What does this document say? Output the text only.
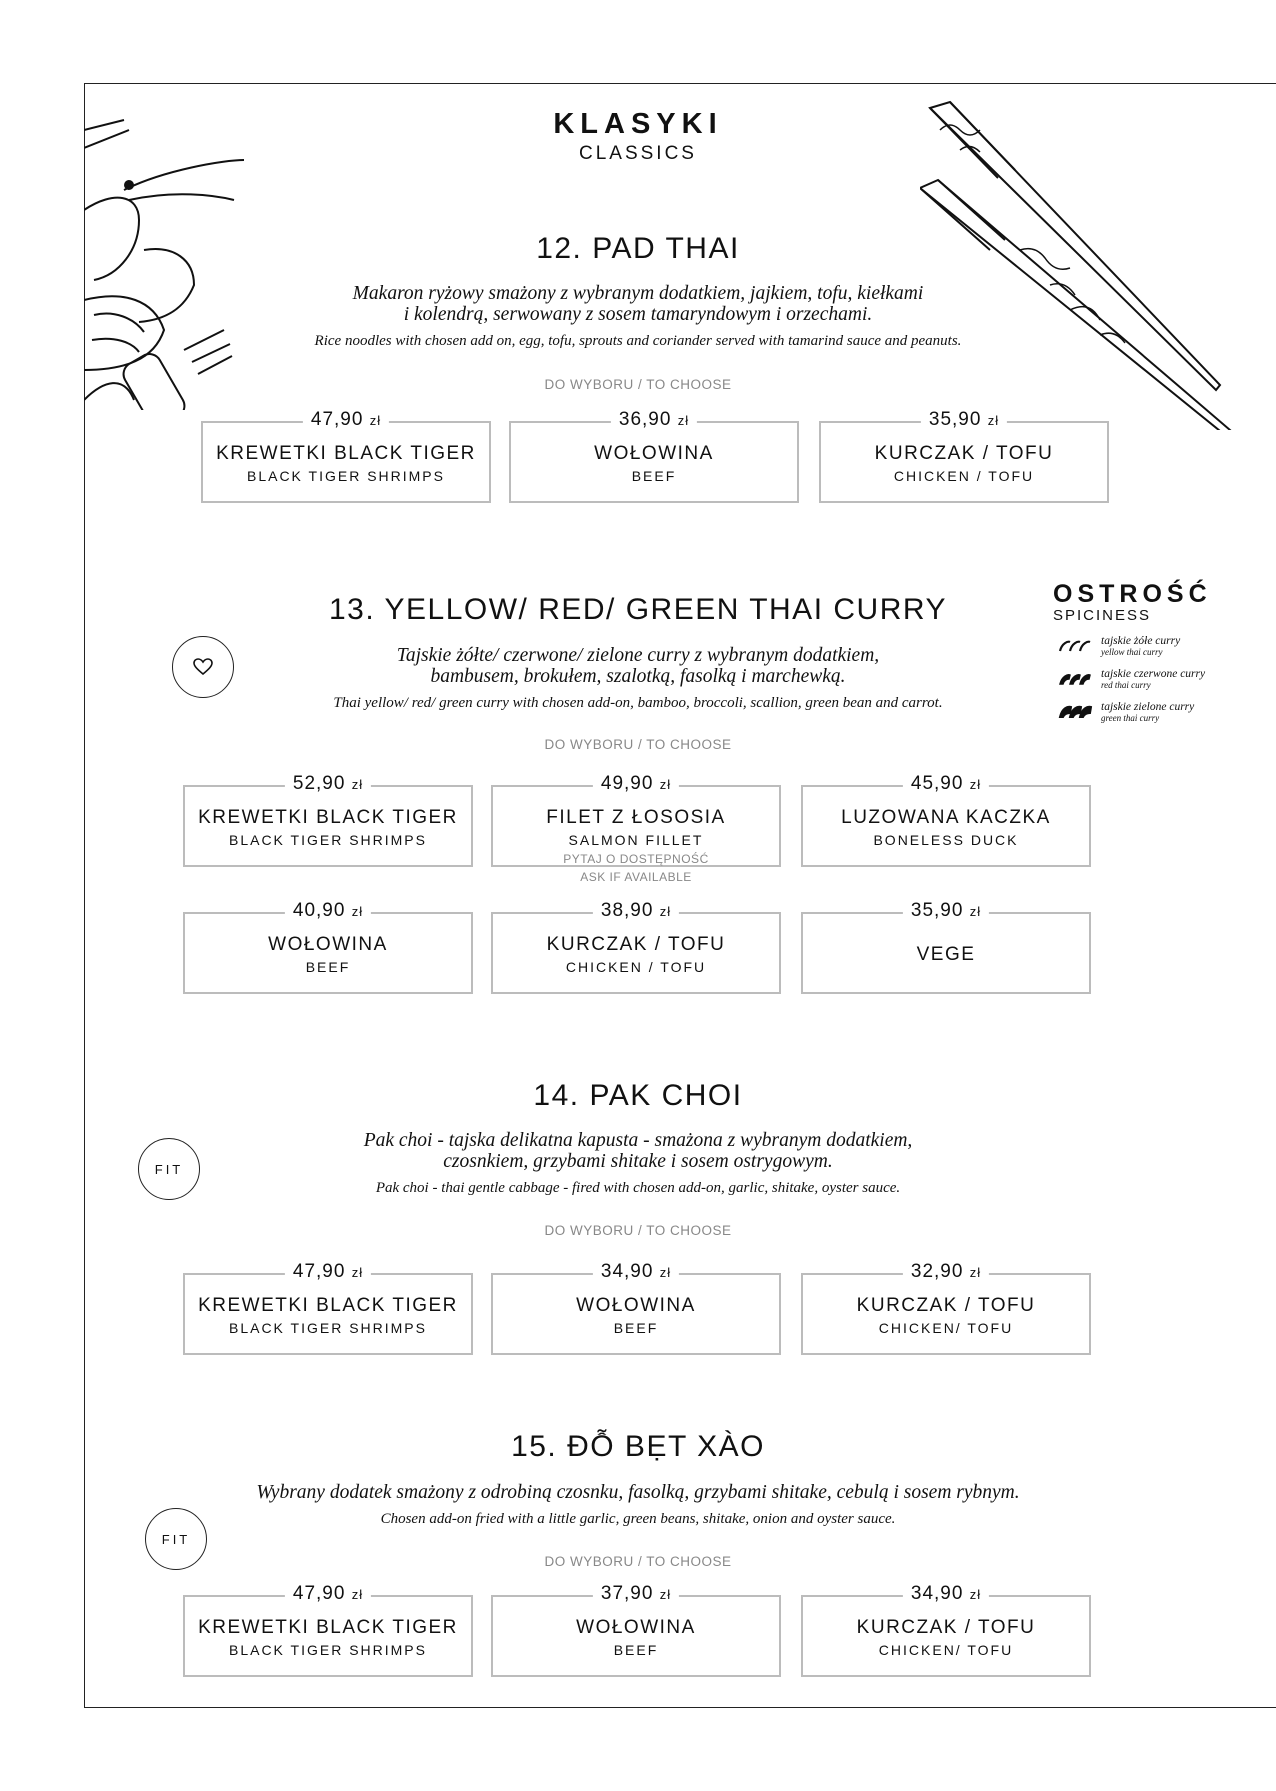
KLASYKI
CLASSICS
OSTROŚĆ
SPICINESS
tajskie żółe curry
yellow thai curry
tajskie czerwone curry
red thai curry
tajskie zielone curry
green thai curry
12. PAD THAI
Makaron ryżowy smażony z wybranym dodatkiem, jajkiem, tofu, kiełkami
i kolendrą, serwowany z sosem tamaryndowym i orzechami.
Rice noodles with chosen add on, egg, tofu, sprouts and coriander served with tamarind sauce and peanuts.
DO WYBORU / TO CHOOSE
47,90 zł
KREWETKI BLACK TIGER
BLACK TIGER SHRIMPS
36,90 zł
WOŁOWINA
BEEF
35,90 zł
KURCZAK / TOFU
CHICKEN / TOFU
13. YELLOW/ RED/ GREEN THAI CURRY
Tajskie żółte/ czerwone/ zielone curry z wybranym dodatkiem,
bambusem, brokułem, szalotką, fasolką i marchewką.
Thai yellow/ red/ green curry with chosen add-on, bamboo, broccoli, scallion, green bean and carrot.
DO WYBORU / TO CHOOSE
52,90 zł
KREWETKI BLACK TIGER
BLACK TIGER SHRIMPS
49,90 zł
FILET Z ŁOSOSIA
SALMON FILLET
PYTAJ O DOSTĘPNOŚĆ
ASK IF AVAILABLE
45,90 zł
LUZOWANA KACZKA
BONELESS DUCK
40,90 zł
WOŁOWINA
BEEF
38,90 zł
KURCZAK / TOFU
CHICKEN / TOFU
35,90 zł
VEGE
FIT
14. PAK CHOI
Pak choi - tajska delikatna kapusta - smażona z wybranym dodatkiem,
czosnkiem, grzybami shitake i sosem ostrygowym.
Pak choi - thai gentle cabbage - fired with chosen add-on, garlic, shitake, oyster sauce.
DO WYBORU / TO CHOOSE
47,90 zł
KREWETKI BLACK TIGER
BLACK TIGER SHRIMPS
34,90 zł
WOŁOWINA
BEEF
32,90 zł
KURCZAK / TOFU
CHICKEN/ TOFU
FIT
15. ĐỖ BẸT XÀO
Wybrany dodatek smażony z odrobiną czosnku, fasolką, grzybami shitake, cebulą i sosem rybnym.
Chosen add-on fried with a little garlic, green beans, shitake, onion and oyster sauce.
DO WYBORU / TO CHOOSE
47,90 zł
KREWETKI BLACK TIGER
BLACK TIGER SHRIMPS
37,90 zł
WOŁOWINA
BEEF
34,90 zł
KURCZAK / TOFU
CHICKEN/ TOFU
